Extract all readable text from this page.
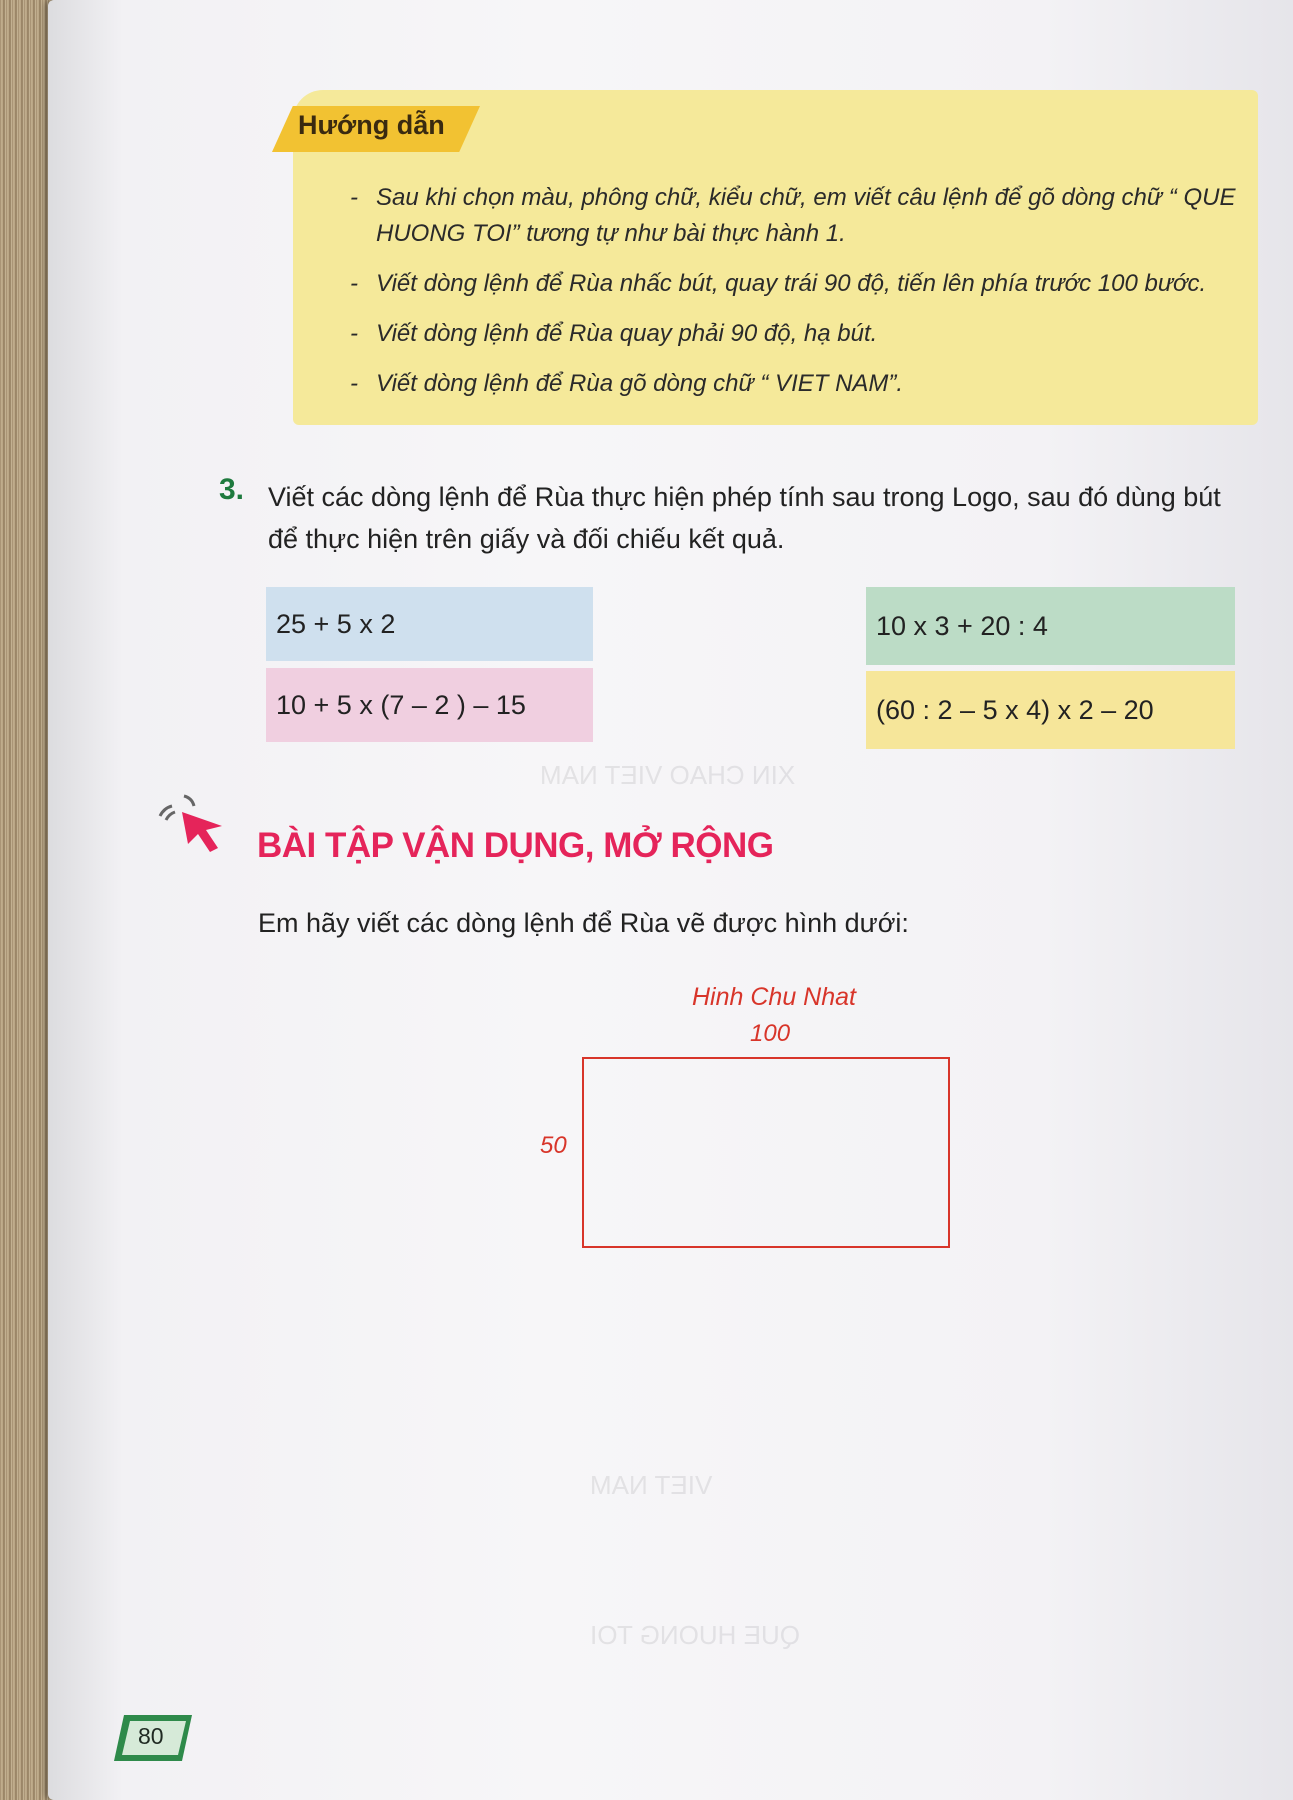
XIN CHAO VIET NAM
VIET NAM
QUE HUONG TOI
Hướng dẫn
- Sau khi chọn màu, phông chữ, kiểu chữ, em viết câu lệnh để gõ dòng chữ “ QUE HUONG TOI” tương tự như bài thực hành 1.
- Viết dòng lệnh để Rùa nhấc bút, quay trái 90 độ, tiến lên phía trước 100 bước.
- Viết dòng lệnh để Rùa quay phải 90 độ, hạ bút.
- Viết dòng lệnh để Rùa gõ dòng chữ “ VIET NAM”.
3. Viết các dòng lệnh để Rùa thực hiện phép tính sau trong Logo, sau đó dùng bút để thực hiện trên giấy và đối chiếu kết quả.
25 + 5 x 2
10 + 5 x (7 – 2 ) – 15
10 x 3 + 20 : 4
(60 : 2 – 5 x 4) x 2 – 20
BÀI TẬP VẬN DỤNG, MỞ RỘNG
Em hãy viết các dòng lệnh để Rùa vẽ được hình dưới:
Hinh Chu Nhat
100
50
80
